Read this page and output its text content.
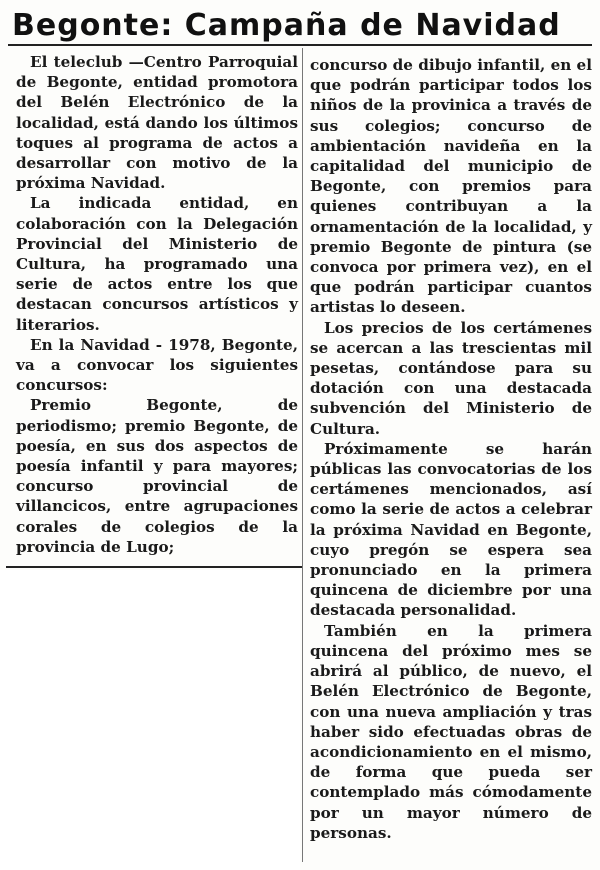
Begonte: Campaña de Navidad

El teleclub —Centro Parroquial de Begonte, entidad promotora del Belén Electrónico de la localidad, está dando los últimos toques al programa de actos a desarrollar con motivo de la próxima Navidad.

La indicada entidad, en colaboración con la Delegación Provincial del Ministerio de Cultura, ha programado una serie de actos entre los que destacan concursos artísticos y literarios.

En la Navidad - 1978, Begonte, va a convocar los siguientes concursos:

Premio Begonte, de periodismo; premio Begonte, de poesía, en sus dos aspectos de poesía infantil y para mayores; concurso provincial de villancicos, entre agrupaciones corales de colegios de la provincia de Lugo;

concurso de dibujo infantil, en el que podrán participar todos los niños de la provinica a través de sus colegios; concurso de ambientación navideña en la capitalidad del municipio de Begonte, con premios para quienes contribuyan a la ornamentación de la localidad, y premio Begonte de pintura (se convoca por primera vez), en el que podrán participar cuantos artistas lo deseen.

Los precios de los certámenes se acercan a las trescientas mil pesetas, contándose para su dotación con una destacada subvención del Ministerio de Cultura.

Próximamente se harán públicas las convocatorias de los certámenes mencionados, así como la serie de actos a celebrar la próxima Navidad en Begonte, cuyo pregón se espera sea pronunciado en la primera quincena de diciembre por una destacada personalidad.

También en la primera quincena del próximo mes se abrirá al público, de nuevo, el Belén Electrónico de Begonte, con una nueva ampliación y tras haber sido efectuadas obras de acondicionamiento en el mismo, de forma que pueda ser contemplado más cómodamente por un mayor número de personas.
